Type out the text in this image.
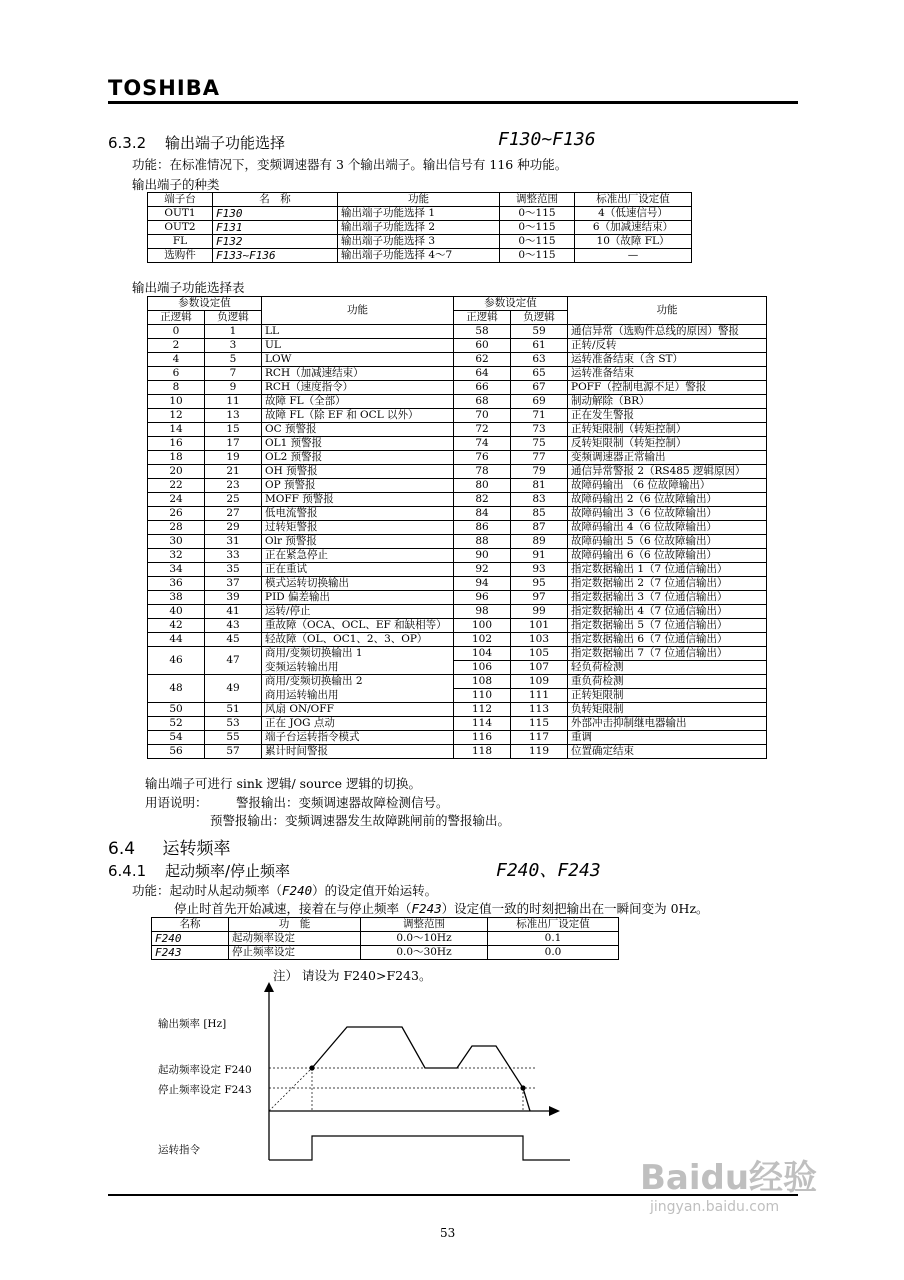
TOSHIBA
6.3.2 输出端子功能选择	F130~F136
功能：在标准情况下，变频调速器有 3 个输出端子。输出信号有 116 种功能。
输出端子的种类
端子台	名　称	功能	调整范围	标准出厂设定值
OUT1	F130	输出端子功能选择 1	0～115	4（低速信号）
OUT2	F131	输出端子功能选择 2	0～115	6（加减速结束）
FL	F132	输出端子功能选择 3	0～115	10（故障 FL）
选购件	F133~F136	输出端子功能选择 4～7	0～115	—
输出端子功能选择表
参数设定值		功能	参数设定值		功能
正逻辑	负逻辑		正逻辑	负逻辑	
0	1	LL	58	59	通信异常（选购件总线的原因）警报
2	3	UL	60	61	正转/反转
4	5	LOW	62	63	运转准备结束（含 ST）
6	7	RCH（加减速结束）	64	65	运转准备结束
8	9	RCH（速度指令）	66	67	POFF（控制电源不足）警报
10	11	故障 FL（全部）	68	69	制动解除（BR）
12	13	故障 FL（除 EF 和 OCL 以外）	70	71	正在发生警报
14	15	OC 预警报	72	73	正转矩限制（转矩控制）
16	17	OL1 预警报	74	75	反转矩限制（转矩控制）
18	19	OL2 预警报	76	77	变频调速器正常输出
20	21	OH 预警报	78	79	通信异常警报 2（RS485 逻辑原因）
22	23	OP 预警报	80	81	故障码输出 （6 位故障输出）
24	25	MOFF 预警报	82	83	故障码输出 2（6 位故障输出）
26	27	低电流警报	84	85	故障码输出 3（6 位故障输出）
28	29	过转矩警报	86	87	故障码输出 4（6 位故障输出）
30	31	Olr 预警报	88	89	故障码输出 5（6 位故障输出）
32	33	正在紧急停止	90	91	故障码输出 6（6 位故障输出）
34	35	正在重试	92	93	指定数据输出 1（7 位通信输出）
36	37	模式运转切换输出	94	95	指定数据输出 2（7 位通信输出）
38	39	PID 偏差输出	96	97	指定数据输出 3（7 位通信输出）
40	41	运转/停止	98	99	指定数据输出 4（7 位通信输出）
42	43	重故障（OCA、OCL、EF 和缺相等）	100	101	指定数据输出 5（7 位通信输出）
44	45	轻故障（OL、OC1、2、3、OP）	102	103	指定数据输出 6（7 位通信输出）
46	47	商用/变频切换输出 1	104	105	指定数据输出 7（7 位通信输出）
		变频运转输出用	106	107	轻负荷检测
48	49	商用/变频切换输出 2	108	109	重负荷检测
		商用运转输出用	110	111	正转矩限制
50	51	风扇 ON/OFF	112	113	负转矩限制
52	53	正在 JOG 点动	114	115	外部冲击抑制继电器输出
54	55	端子台运转指令模式	116	117	重调
56	57	累计时间警报	118	119	位置确定结束
输出端子可进行 sink 逻辑/ source 逻辑的切换。
用语说明： 警报输出：变频调速器故障检测信号。
预警报输出：变频调速器发生故障跳闸前的警报输出。
6.4 运转频率
6.4.1 起动频率/停止频率	F240、F243
功能：起动时从起动频率（F240）的设定值开始运转。
停止时首先开始减速，接着在与停止频率（F243）设定值一致的时刻把输出在一瞬间变为 0Hz。
名称	功　能	调整范围	标准出厂设定值
F240	起动频率设定	0.0～10Hz	0.1
F243	停止频率设定	0.0～30Hz	0.0
注） 请设为 F240>F243。
输出频率 [Hz]
起动频率设定 F240
停止频率设定 F243
运转指令
53
Baidu经验
jingyan.baidu.com
